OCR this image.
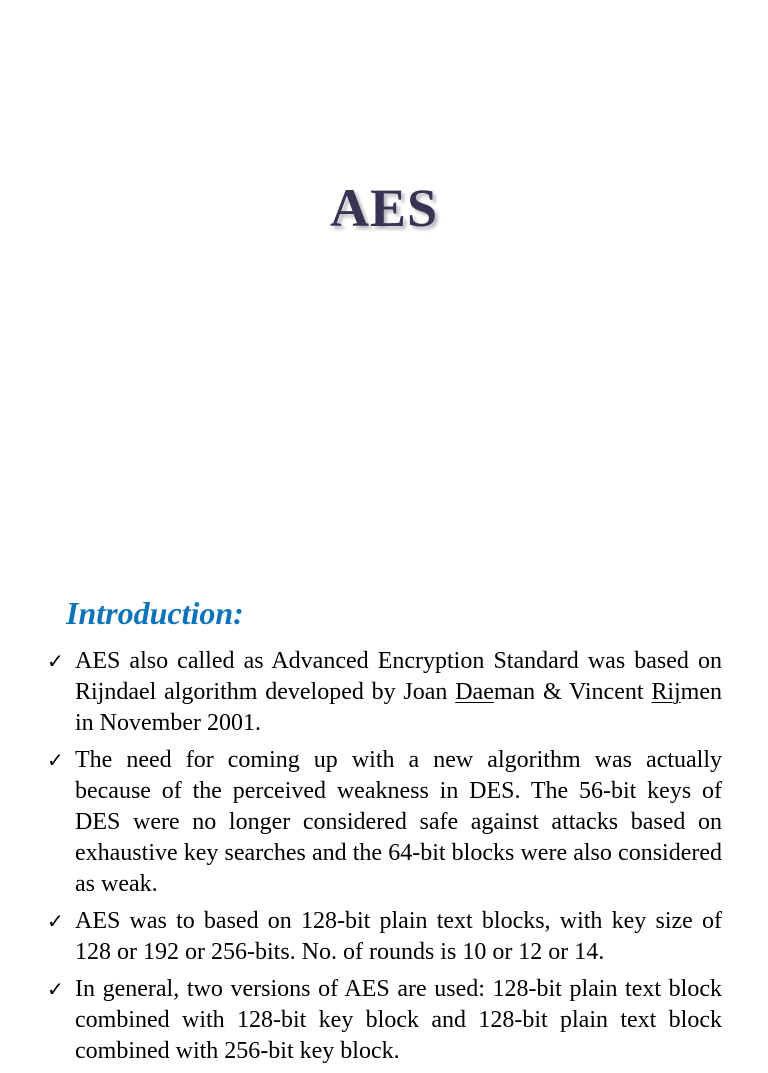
AES
Introduction:
✓ AES also called as Advanced Encryption Standard was based on Rijndael algorithm developed by Joan Daeman & Vincent Rijmen in November 2001.
✓ The need for coming up with a new algorithm was actually because of the perceived weakness in DES. The 56-bit keys of DES were no longer considered safe against attacks based on exhaustive key searches and the 64-bit blocks were also considered as weak.
✓ AES was to based on 128-bit plain text blocks, with key size of 128 or 192 or 256-bits. No. of rounds is 10 or 12 or 14.
✓ In general, two versions of AES are used: 128-bit plain text block combined with 128-bit key block and 128-bit plain text block combined with 256-bit key block.
